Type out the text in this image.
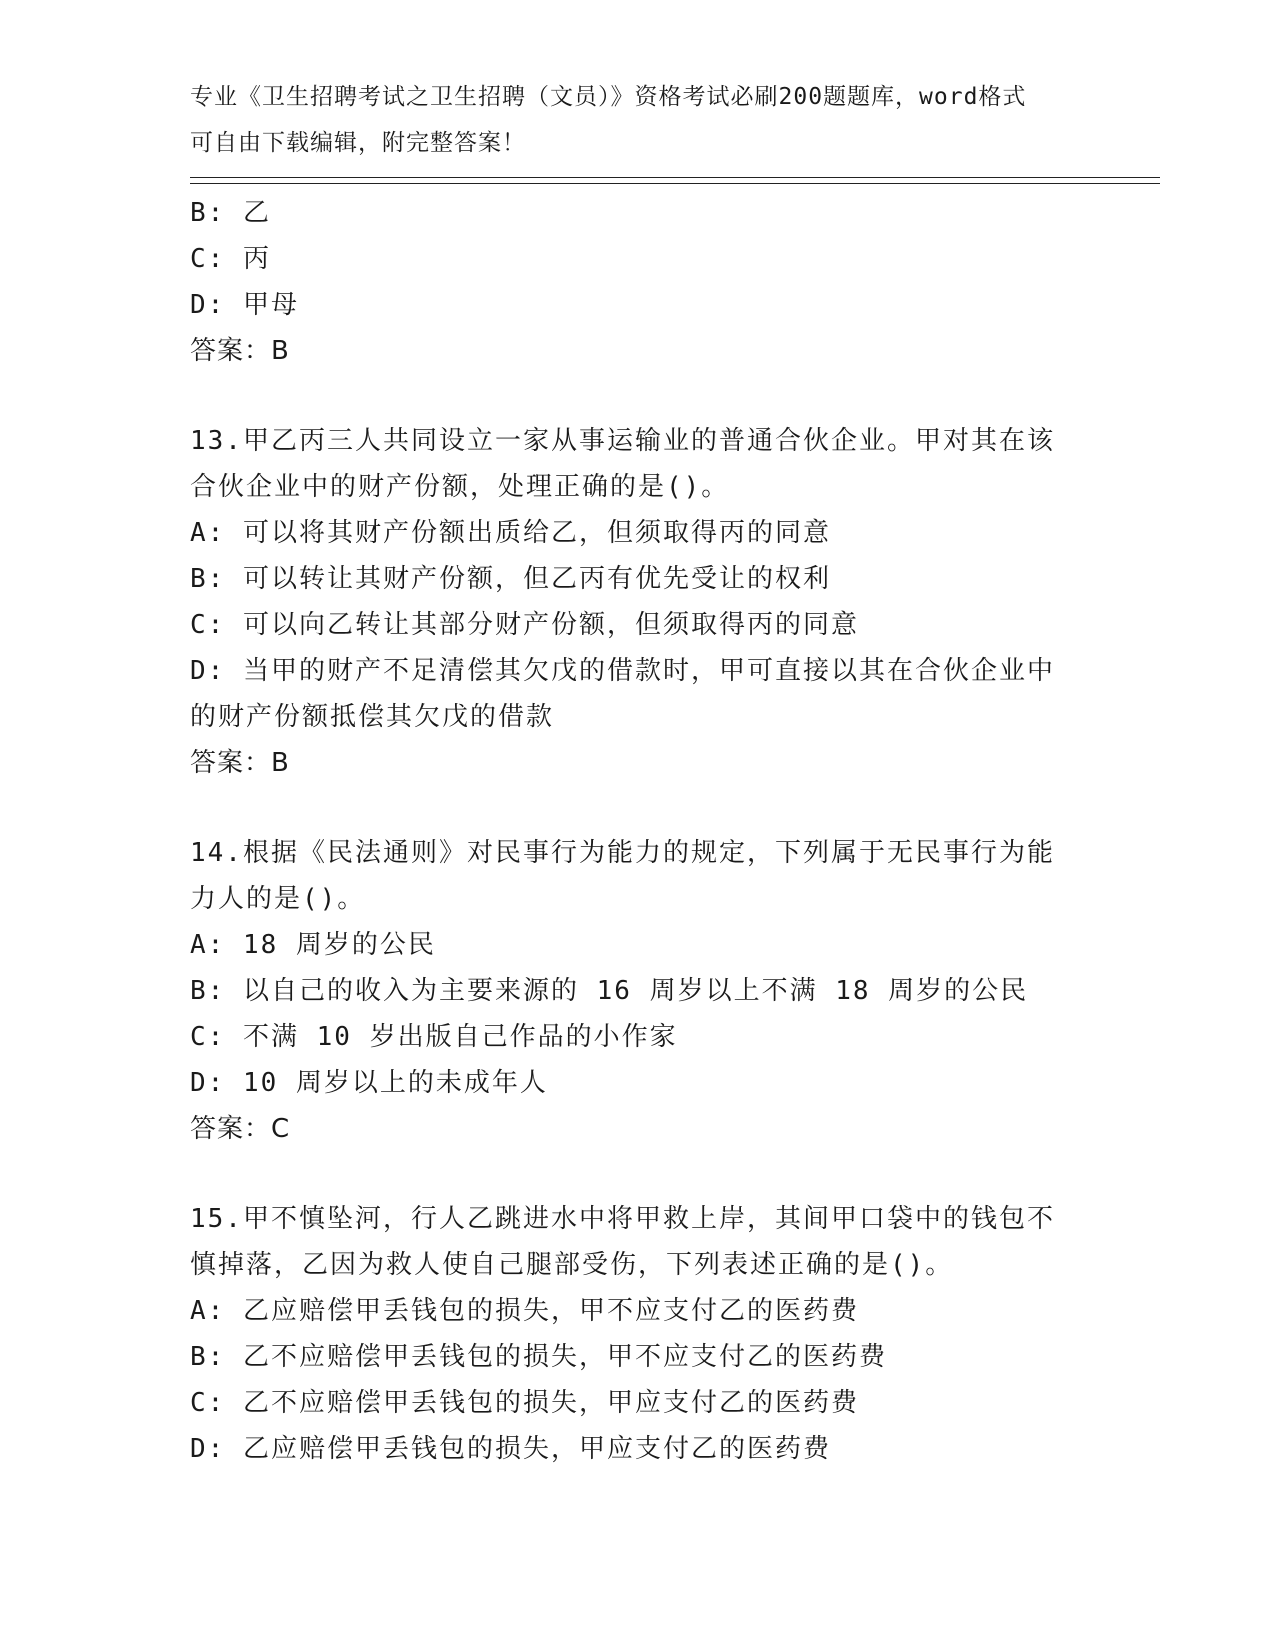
专业《卫生招聘考试之卫生招聘（文员）》资格考试必刷200题题库，word格式
可自由下载编辑，附完整答案！
B: 乙
C: 丙
D: 甲母
答案：B
13.甲乙丙三人共同设立一家从事运输业的普通合伙企业。甲对其在该
合伙企业中的财产份额，处理正确的是()。
A: 可以将其财产份额出质给乙，但须取得丙的同意
B: 可以转让其财产份额，但乙丙有优先受让的权利
C: 可以向乙转让其部分财产份额，但须取得丙的同意
D: 当甲的财产不足清偿其欠戊的借款时，甲可直接以其在合伙企业中
的财产份额抵偿其欠戊的借款
答案：B
14.根据《民法通则》对民事行为能力的规定，下列属于无民事行为能
力人的是()。
A: 18 周岁的公民
B: 以自己的收入为主要来源的 16 周岁以上不满 18 周岁的公民
C: 不满 10 岁出版自己作品的小作家
D: 10 周岁以上的未成年人
答案：C
15.甲不慎坠河，行人乙跳进水中将甲救上岸，其间甲口袋中的钱包不
慎掉落，乙因为救人使自己腿部受伤，下列表述正确的是()。
A: 乙应赔偿甲丢钱包的损失，甲不应支付乙的医药费
B: 乙不应赔偿甲丢钱包的损失，甲不应支付乙的医药费
C: 乙不应赔偿甲丢钱包的损失，甲应支付乙的医药费
D: 乙应赔偿甲丢钱包的损失，甲应支付乙的医药费
